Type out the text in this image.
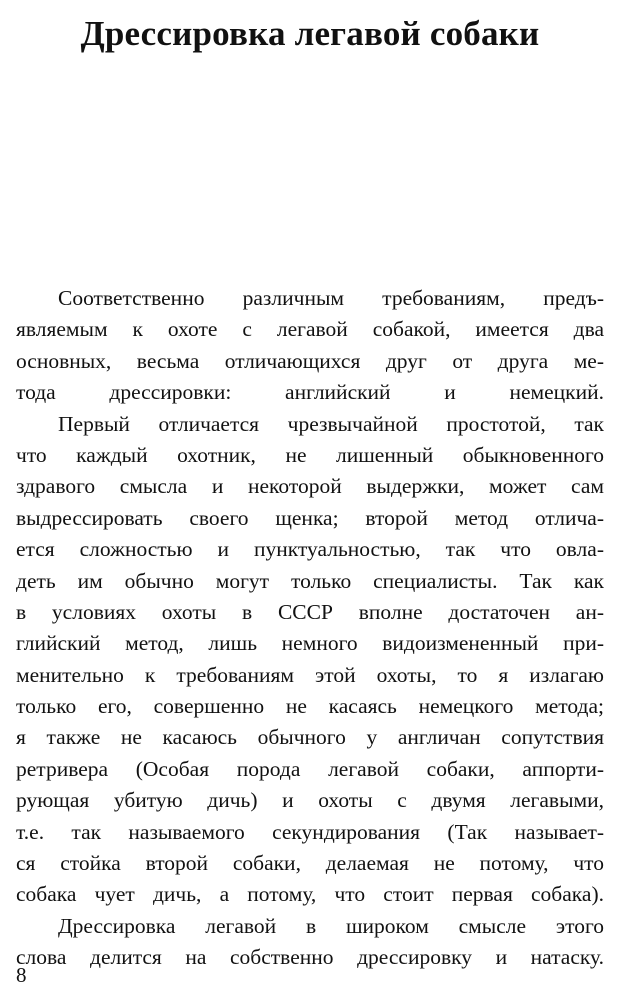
Дрессировка легавой собаки
Соответственно различным требованиям, предъ-
являемым к охоте с легавой собакой, имеется два
основных, весьма отличающихся друг от друга ме-
тода дрессировки: английский и немецкий.
Первый отличается чрезвычайной простотой, так
что каждый охотник, не лишенный обыкновенного
здравого смысла и некоторой выдержки, может сам
выдрессировать своего щенка; второй метод отлича-
ется сложностью и пунктуальностью, так что овла-
деть им обычно могут только специалисты. Так как
в условиях охоты в СССР вполне достаточен ан-
глийский метод, лишь немного видоизмененный при-
менительно к требованиям этой охоты, то я излагаю
только его, совершенно не касаясь немецкого метода;
я также не касаюсь обычного у англичан сопутствия
ретривера (Особая порода легавой собаки, аппорти-
рующая убитую дичь) и охоты с двумя легавыми,
т.е. так называемого секундирования (Так называет-
ся стойка второй собаки, делаемая не потому, что
собака чует дичь, а потому, что стоит первая собака).
Дрессировка легавой в широком смысле этого
слова делится на собственно дрессировку и натаску.
8
